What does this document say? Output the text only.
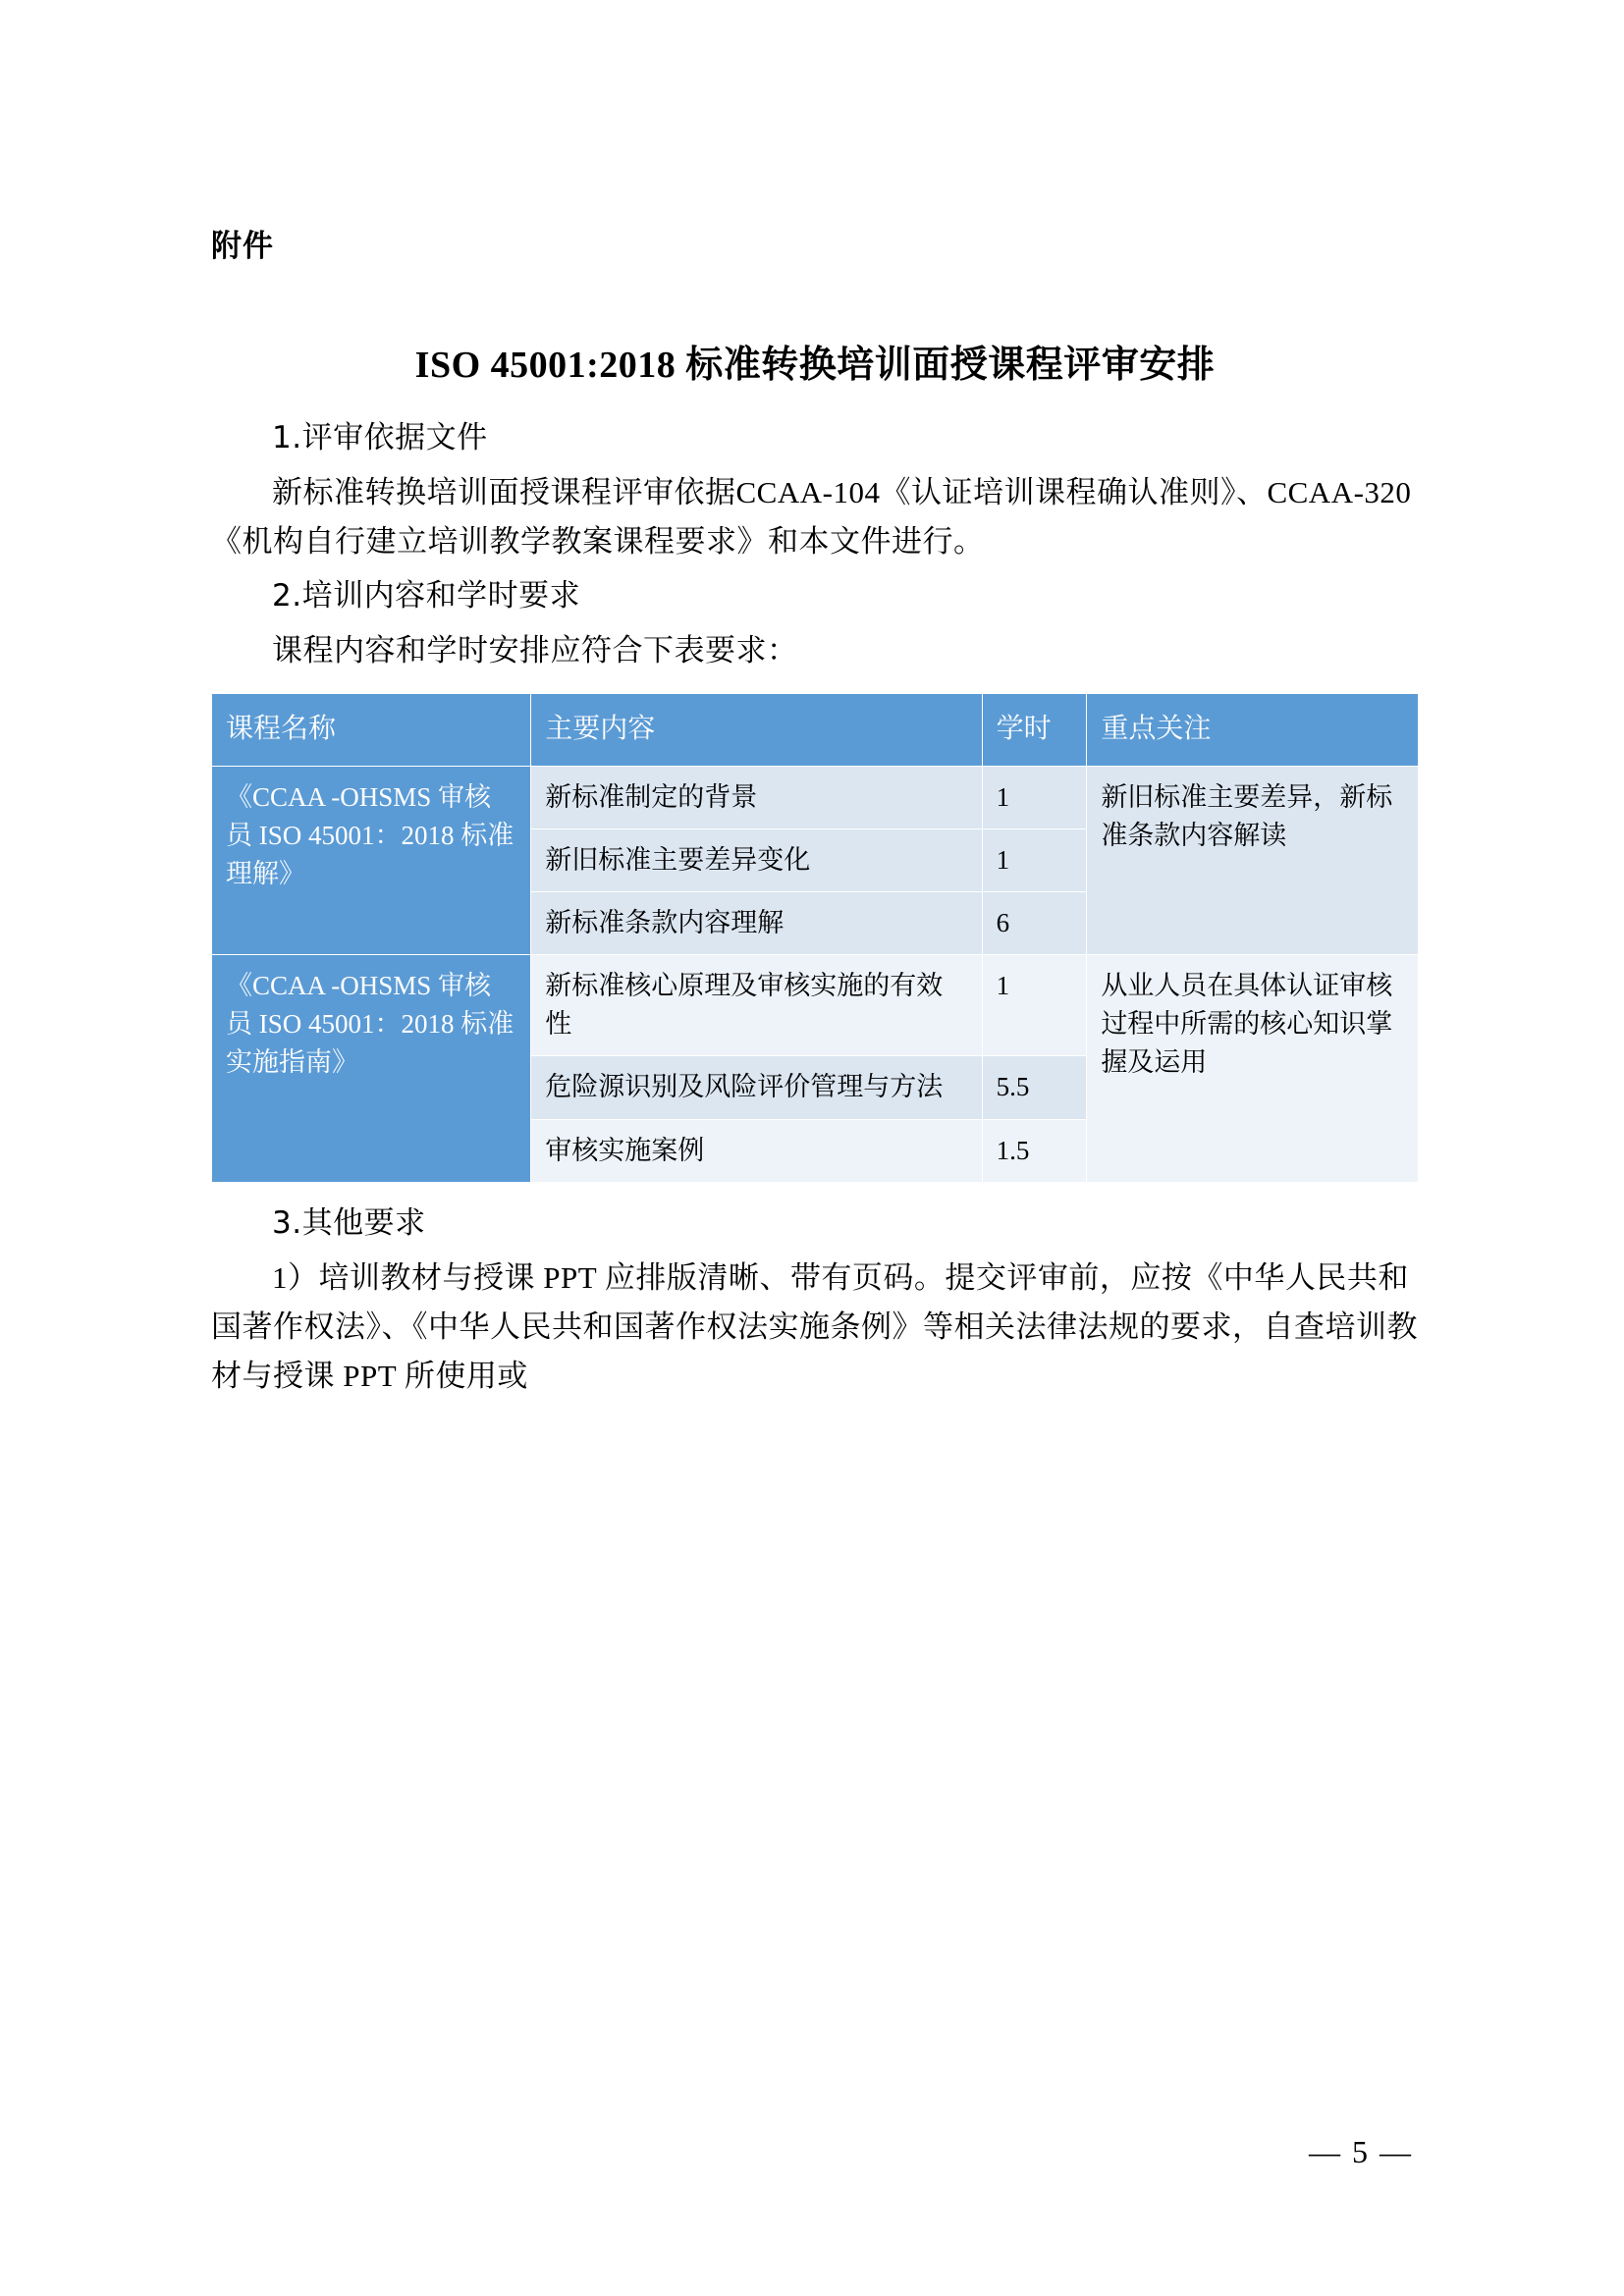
附件
ISO 45001:2018 标准转换培训面授课程评审安排

1.评审依据文件

新标准转换培训面授课程评审依据CCAA-104《认证培训课程确认准则》、CCAA-320《机构自行建立培训教学教案课程要求》和本文件进行。

2.培训内容和学时要求

课程内容和学时安排应符合下表要求：

课程名称	主要内容	学时	重点关注
《CCAA -OHSMS 审核员 ISO 45001：2018 标准理解》	新标准制定的背景	1	新旧标准主要差异，新标准条款内容解读
	新旧标准主要差异变化	1	
	新标准条款内容理解	6	
《CCAA -OHSMS 审核员 ISO 45001：2018 标准实施指南》	新标准核心原理及审核实施的有效性	1	从业人员在具体认证审核过程中所需的核心知识掌握及运用
	危险源识别及风险评价管理与方法	5.5	
	审核实施案例	1.5	

3.其他要求

1）培训教材与授课 PPT 应排版清晰、带有页码。提交评审前，应按《中华人民共和国著作权法》、《中华人民共和国著作权法实施条例》等相关法律法规的要求，自查培训教材与授课 PPT 所使用或

— 5 —
